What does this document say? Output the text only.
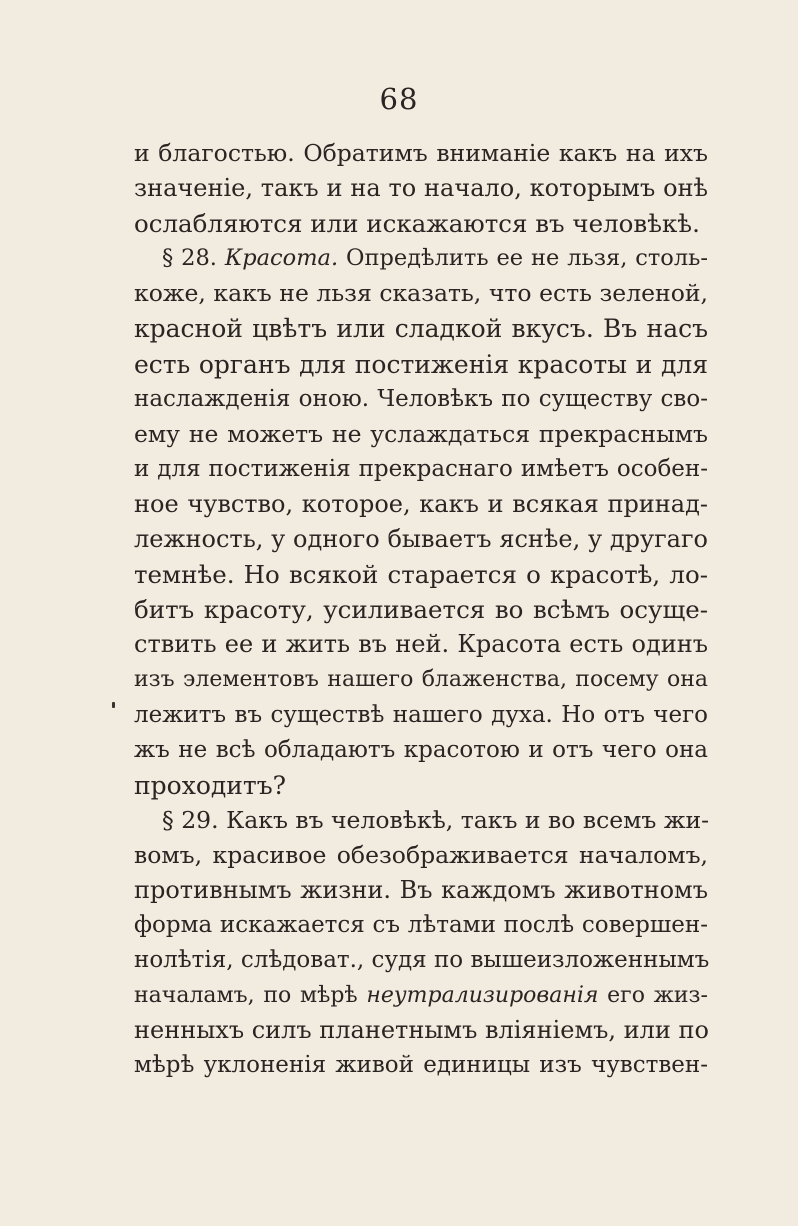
68
и благостью. Обратимъ вниманіе какъ на ихъ
значеніе, такъ и на то начало, которымъ онѣ
ослабляются или искажаются въ человѣкѣ.
§ 28. Красота. Опредѣлить ее не льзя, столь-
коже, какъ не льзя сказать, что есть зеленой,
красной цвѣтъ или сладкой вкусъ. Въ насъ
есть органъ для постиженія красоты и для
наслажденія оною. Человѣкъ по существу сво-
ему не можетъ не услаждаться прекраснымъ
и для постиженія прекраснаго имѣетъ особен-
ное чувство, которое, какъ и всякая принад-
лежность, у одного бываетъ яснѣе, у другаго
темнѣе. Но всякой старается о красотѣ, ло-
битъ красоту, усиливается во всѣмъ осуще-
ствить ее и жить въ ней. Красота есть одинъ
изъ элементовъ нашего блаженства, посему она
лежитъ въ существѣ нашего духа. Но отъ чего
жъ не всѣ обладаютъ красотою и отъ чего она
проходитъ?
§ 29. Какъ въ человѣкѣ, такъ и во всемъ жи-
вомъ, красивое обезображивается началомъ,
противнымъ жизни. Въ каждомъ животномъ
форма искажается съ лѣтами послѣ совершен-
нолѣтія, слѣдоват., судя по вышеизложеннымъ
началамъ, по мѣрѣ неутрализированія его жиз-
ненныхъ силъ планетнымъ вліяніемъ, или по
мѣрѣ уклоненія живой единицы изъ чувствен-
